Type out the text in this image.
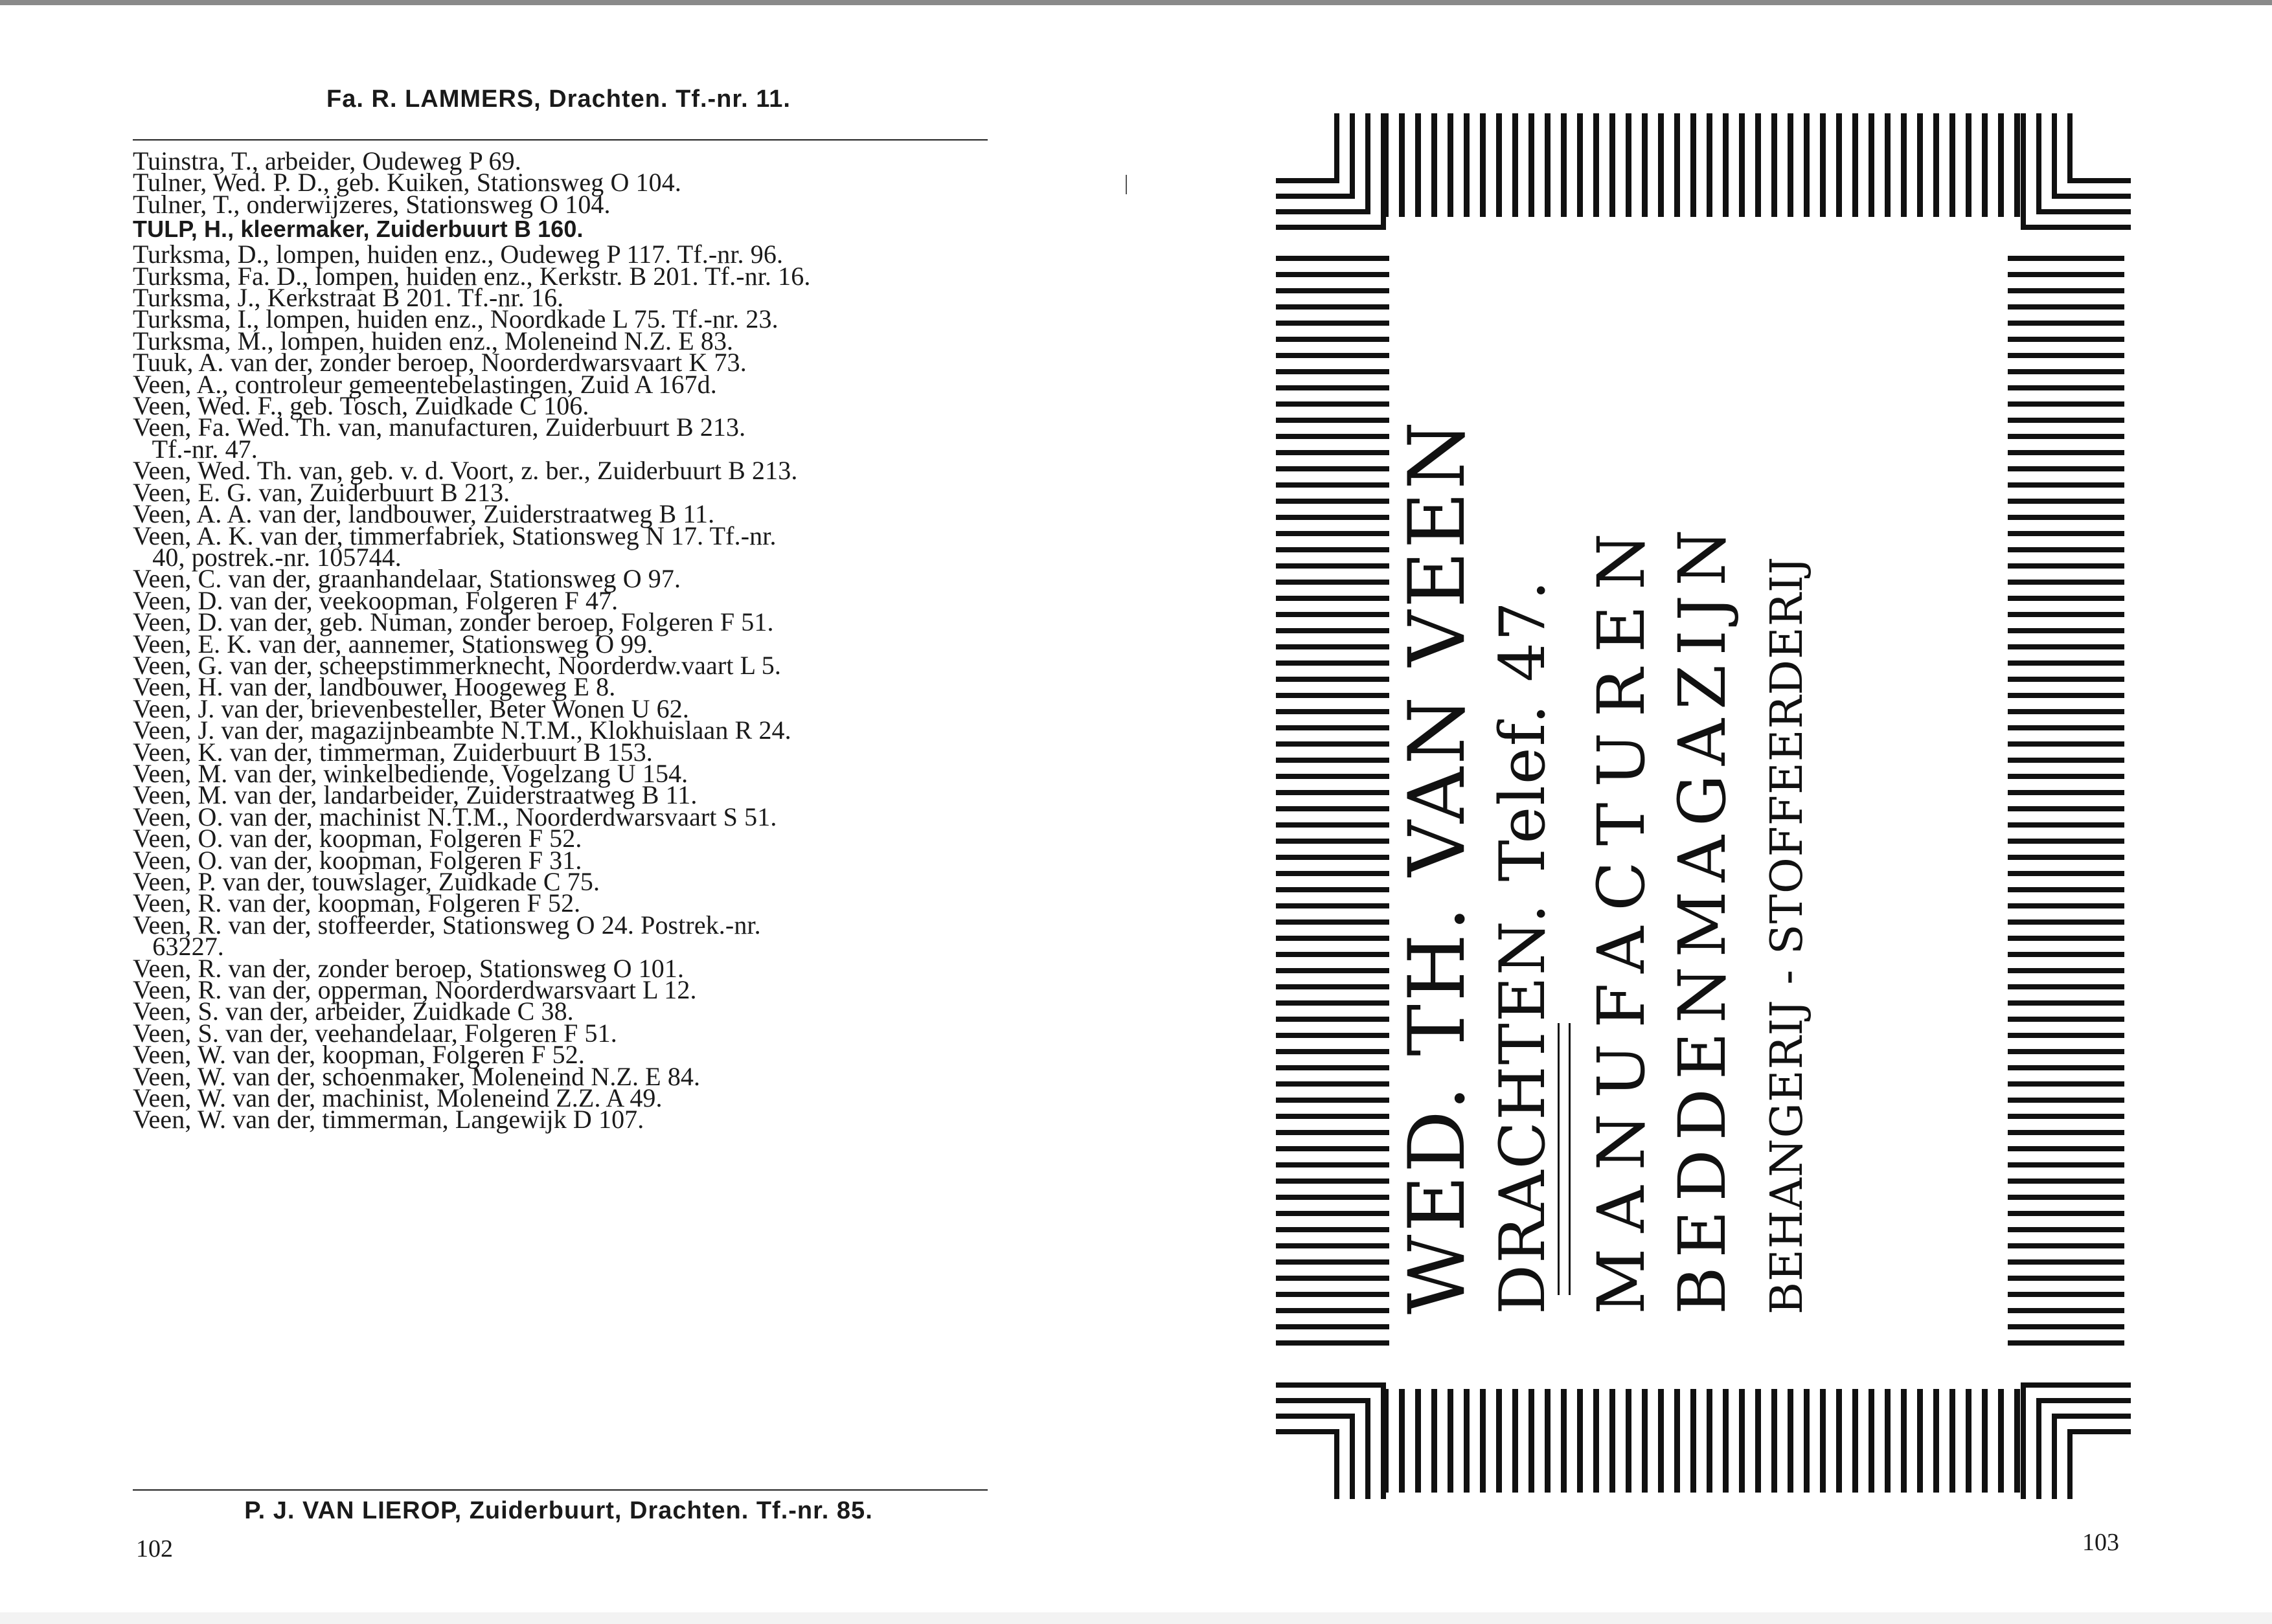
Fa. R. LAMMERS, Drachten. Tf.-nr. 11.
Tuinstra, T., arbeider, Oudeweg P 69.
Tulner, Wed. P. D., geb. Kuiken, Stationsweg O 104.
Tulner, T., onderwijzeres, Stationsweg O 104.
TULP, H., kleermaker, Zuiderbuurt B 160.
Turksma, D., lompen, huiden enz., Oudeweg P 117. Tf.-nr. 96.
Turksma, Fa. D., lompen, huiden enz., Kerkstr. B 201. Tf.-nr. 16.
Turksma, J., Kerkstraat B 201. Tf.-nr. 16.
Turksma, I., lompen, huiden enz., Noordkade L 75. Tf.-nr. 23.
Turksma, M., lompen, huiden enz., Moleneind N.Z. E 83.
Tuuk, A. van der, zonder beroep, Noorderdwarsvaart K 73.
Veen, A., controleur gemeentebelastingen, Zuid A 167d.
Veen, Wed. F., geb. Tosch, Zuidkade C 106.
Veen, Fa. Wed. Th. van, manufacturen, Zuiderbuurt B 213.
Tf.-nr. 47.
Veen, Wed. Th. van, geb. v. d. Voort, z. ber., Zuiderbuurt B 213.
Veen, E. G. van, Zuiderbuurt B 213.
Veen, A. A. van der, landbouwer, Zuiderstraatweg B 11.
Veen, A. K. van der, timmerfabriek, Stationsweg N 17. Tf.-nr.
40, postrek.-nr. 105744.
Veen, C. van der, graanhandelaar, Stationsweg O 97.
Veen, D. van der, veekoopman, Folgeren F 47.
Veen, D. van der, geb. Numan, zonder beroep, Folgeren F 51.
Veen, E. K. van der, aannemer, Stationsweg O 99.
Veen, G. van der, scheepstimmerknecht, Noorderdw.vaart L 5.
Veen, H. van der, landbouwer, Hoogeweg E 8.
Veen, J. van der, brievenbesteller, Beter Wonen U 62.
Veen, J. van der, magazijnbeambte N.T.M., Klokhuislaan R 24.
Veen, K. van der, timmerman, Zuiderbuurt B 153.
Veen, M. van der, winkelbediende, Vogelzang U 154.
Veen, M. van der, landarbeider, Zuiderstraatweg B 11.
Veen, O. van der, machinist N.T.M., Noorderdwarsvaart S 51.
Veen, O. van der, koopman, Folgeren F 52.
Veen, O. van der, koopman, Folgeren F 31.
Veen, P. van der, touwslager, Zuidkade C 75.
Veen, R. van der, koopman, Folgeren F 52.
Veen, R. van der, stoffeerder, Stationsweg O 24. Postrek.-nr.
63227.
Veen, R. van der, zonder beroep, Stationsweg O 101.
Veen, R. van der, opperman, Noorderdwarsvaart L 12.
Veen, S. van der, arbeider, Zuidkade C 38.
Veen, S. van der, veehandelaar, Folgeren F 51.
Veen, W. van der, koopman, Folgeren F 52.
Veen, W. van der, schoenmaker, Moleneind N.Z. E 84.
Veen, W. van der, machinist, Moleneind Z.Z. A 49.
Veen, W. van der, timmerman, Langewijk D 107.
P. J. VAN LIEROP, Zuiderbuurt, Drachten. Tf.-nr. 85.
102
WED. TH. VAN VEEN DRACHTEN. Telef. 47. MANUFACTUREN BEDDENMAGAZIJN BEHANGERIJ - STOFFEERDERIJ
103
